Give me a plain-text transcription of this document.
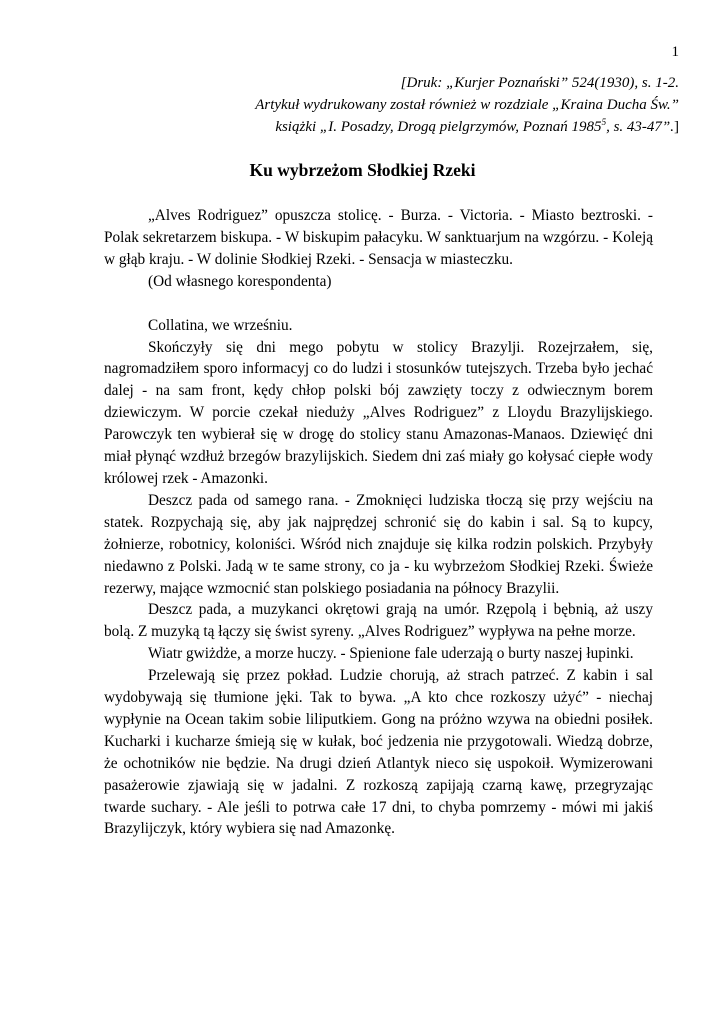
1
[Druk: „Kurjer Poznański” 524(1930), s. 1-2.
Artykuł wydrukowany został również w rozdziale „Kraina Ducha Św.”
książki „I. Posadzy, Drogą pielgrzymów, Poznań 1985$^5$, s. 43-47”.]
Ku wybrzeżom Słodkiej Rzeki

„Alves Rodriguez” opuszcza stolicę. - Burza. - Victoria. - Miasto beztroski. - Polak sekretarzem biskupa. - W biskupim pałacyku. W sanktuarjum na wzgórzu. - Koleją w głąb kraju. - W dolinie Słodkiej Rzeki. - Sensacja w miasteczku.

(Od własnego korespondenta)

Collatina, we wrześniu.

Skończyły się dni mego pobytu w stolicy Brazylji. Rozejrzałem, się, nagromadziłem sporo informacyj co do ludzi i stosunków tutejszych. Trzeba było jechać dalej - na sam front, kędy chłop polski bój zawzięty toczy z odwiecznym borem dziewiczym. W porcie czekał nieduży „Alves Rodriguez” z Lloydu Brazylijskiego. Parowczyk ten wybierał się w drogę do stolicy stanu Amazonas-Manaos. Dziewięć dni miał płynąć wzdłuż brzegów brazylijskich. Siedem dni zaś miały go kołysać ciepłe wody królowej rzek - Amazonki.

Deszcz pada od samego rana. - Zmoknięci ludziska tłoczą się przy wejściu na statek. Rozpychają się, aby jak najprędzej schronić się do kabin i sal. Są to kupcy, żołnierze, robotnicy, koloniści. Wśród nich znajduje się kilka rodzin polskich. Przybyły niedawno z Polski. Jadą w te same strony, co ja - ku wybrzeżom Słodkiej Rzeki. Świeże rezerwy, mające wzmocnić stan polskiego posiadania na północy Brazylii.

Deszcz pada, a muzykanci okrętowi grają na umór. Rzępolą i bębnią, aż uszy bolą. Z muzyką tą łączy się świst syreny. „Alves Rodriguez” wypływa na pełne morze.

Wiatr gwiżdże, a morze huczy. - Spienione fale uderzają o burty naszej łupinki.

Przelewają się przez pokład. Ludzie chorują, aż strach patrzeć. Z kabin i sal wydobywają się tłumione jęki. Tak to bywa. „A kto chce rozkoszy użyć” - niechaj wypłynie na Ocean takim sobie liliputkiem. Gong na próżno wzywa na obiedni posiłek. Kucharki i kucharze śmieją się w kułak, boć jedzenia nie przygotowali. Wiedzą dobrze, że ochotników nie będzie. Na drugi dzień Atlantyk nieco się uspokoił. Wymizerowani pasażerowie zjawiają się w jadalni. Z rozkoszą zapijają czarną kawę, przegryzając twarde suchary. - Ale jeśli to potrwa całe 17 dni, to chyba pomrzemy - mówi mi jakiś Brazylijczyk, który wybiera się nad Amazonkę.
